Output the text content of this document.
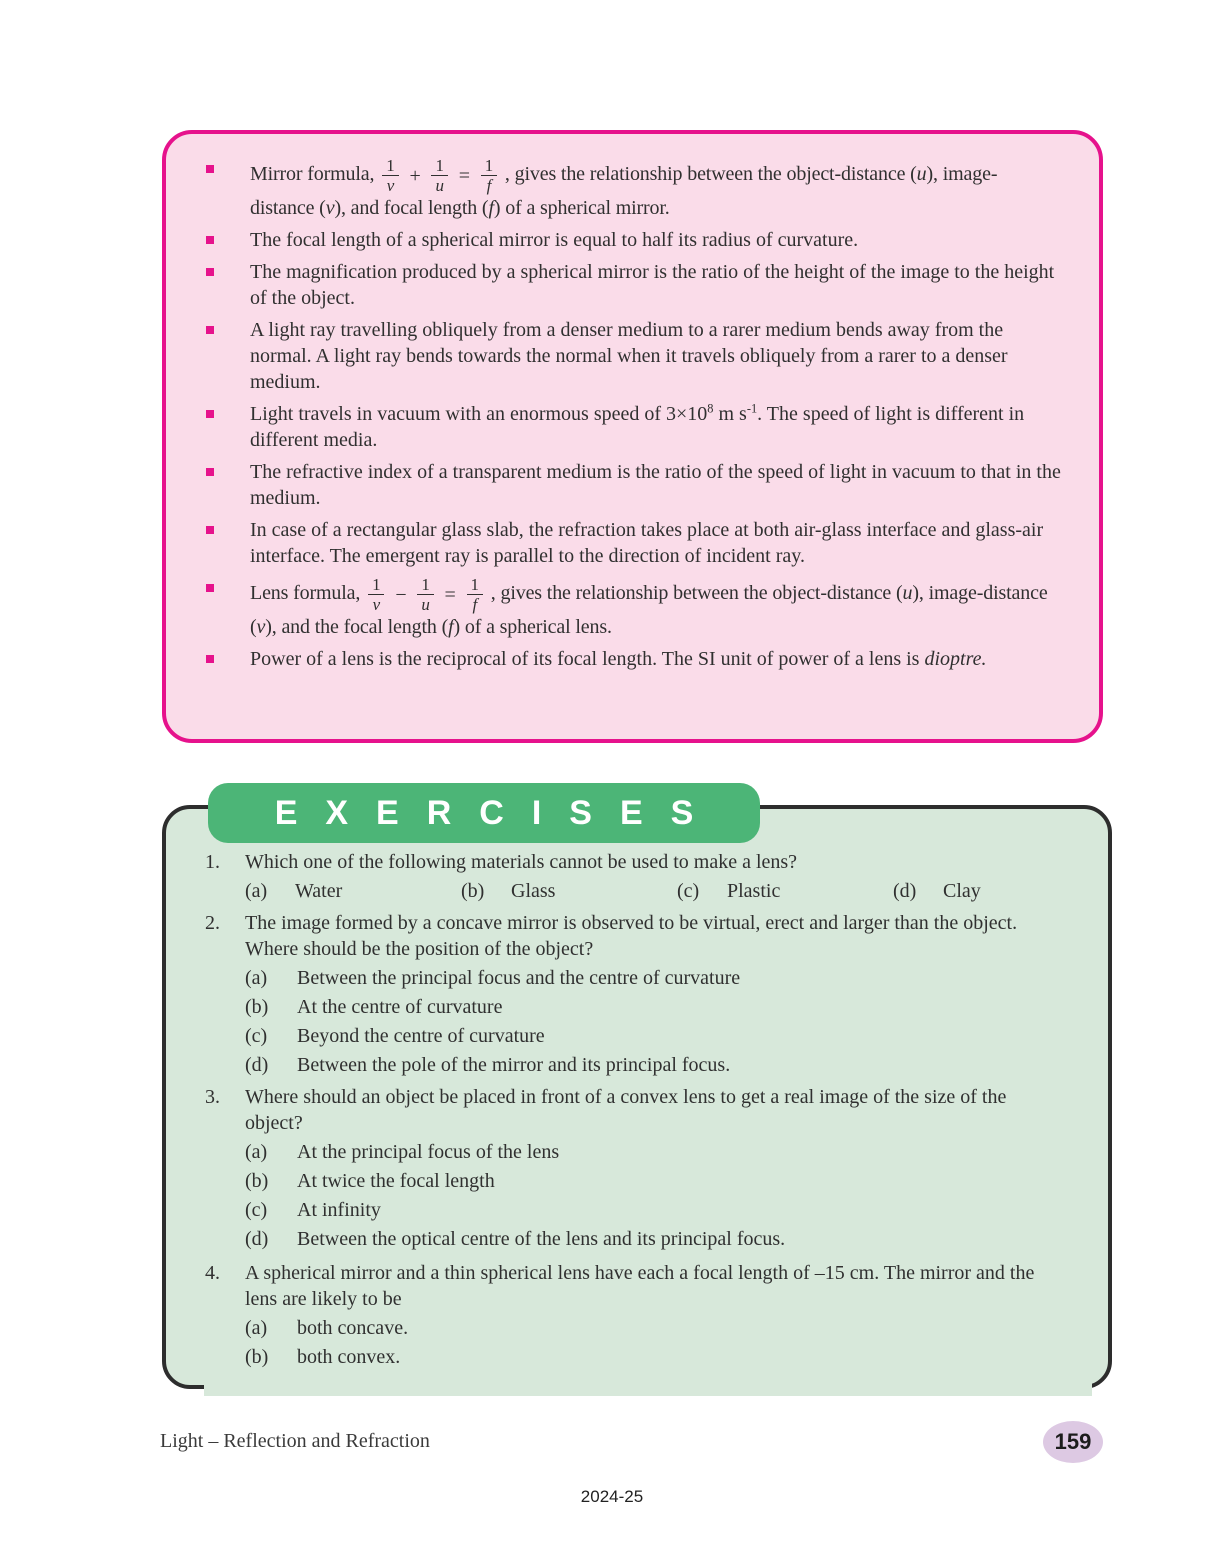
Mirror formula, $\frac{1}{v} + \frac{1}{u} = \frac{1}{f}$ , gives the relationship between the object-distance (u), image-distance (v), and focal length (f) of a spherical mirror.
The focal length of a spherical mirror is equal to half its radius of curvature.
The magnification produced by a spherical mirror is the ratio of the height of the image to the height of the object.
A light ray travelling obliquely from a denser medium to a rarer medium bends away from the normal. A light ray bends towards the normal when it travels obliquely from a rarer to a denser medium.
Light travels in vacuum with an enormous speed of $3\times 10^8$ m $s^{-1}$. The speed of light is different in different media.
The refractive index of a transparent medium is the ratio of the speed of light in vacuum to that in the medium.
In case of a rectangular glass slab, the refraction takes place at both air-glass interface and glass-air interface. The emergent ray is parallel to the direction of incident ray.
Lens formula, $\frac{1}{v} - \frac{1}{u} = \frac{1}{f}$ , gives the relationship between the object-distance (u), image-distance (v), and the focal length (f) of a spherical lens.
Power of a lens is the reciprocal of its focal length. The SI unit of power of a lens is dioptre.
EXERCISES
1.	Which one of the following materials cannot be used to make a lens?
(a)	Water	(b)	Glass	(c)	Plastic	(d)	Clay
2.	The image formed by a concave mirror is observed to be virtual, erect and larger than the object. Where should be the position of the object?
(a)	Between the principal focus and the centre of curvature
(b)	At the centre of curvature
(c)	Beyond the centre of curvature
(d)	Between the pole of the mirror and its principal focus.
3.	Where should an object be placed in front of a convex lens to get a real image of the size of the object?
(a)	At the principal focus of the lens
(b)	At twice the focal length
(c)	At infinity
(d)	Between the optical centre of the lens and its principal focus.
4.	A spherical mirror and a thin spherical lens have each a focal length of –15 cm. The mirror and the lens are likely to be
(a)	both concave.
(b)	both convex.
Light – Reflection and Refraction	159
2024-25
